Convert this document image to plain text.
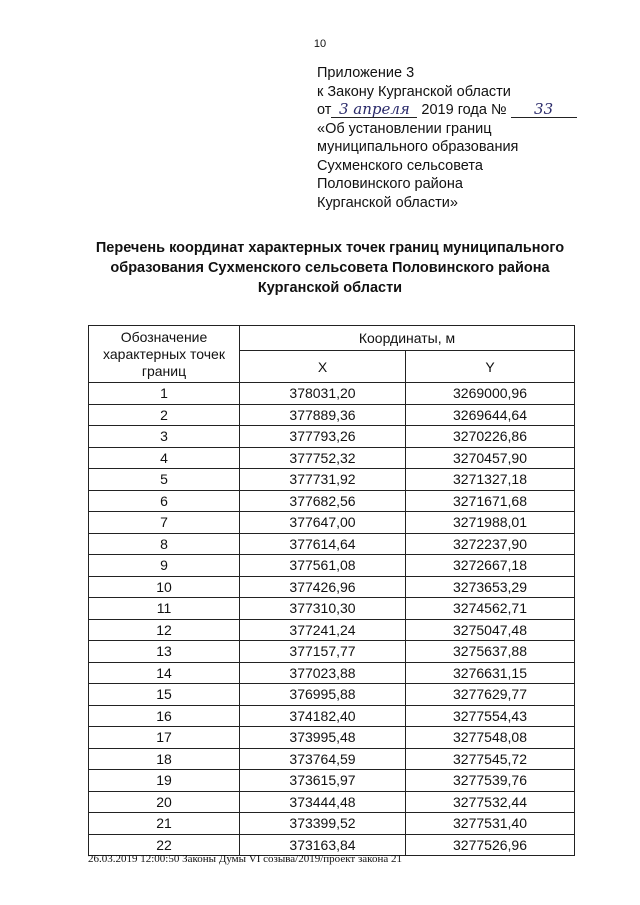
10
Приложение 3
к Закону Курганской области
от 3 апреля 2019 года № 33
«Об установлении границ
муниципального образования
Сухменского сельсовета
Половинского района
Курганской области»
Перечень координат характерных точек границ муниципального
образования Сухменского сельсовета Половинского района
Курганской области
Обозначение характерных точек границ	Координаты, м	
	X	Y
1	378031,20	3269000,96
2	377889,36	3269644,64
3	377793,26	3270226,86
4	377752,32	3270457,90
5	377731,92	3271327,18
6	377682,56	3271671,68
7	377647,00	3271988,01
8	377614,64	3272237,90
9	377561,08	3272667,18
10	377426,96	3273653,29
11	377310,30	3274562,71
12	377241,24	3275047,48
13	377157,77	3275637,88
14	377023,88	3276631,15
15	376995,88	3277629,77
16	374182,40	3277554,43
17	373995,48	3277548,08
18	373764,59	3277545,72
19	373615,97	3277539,76
20	373444,48	3277532,44
21	373399,52	3277531,40
22	373163,84	3277526,96
26.03.2019 12:00:50 Законы Думы VI созыва/2019/проект закона 21
